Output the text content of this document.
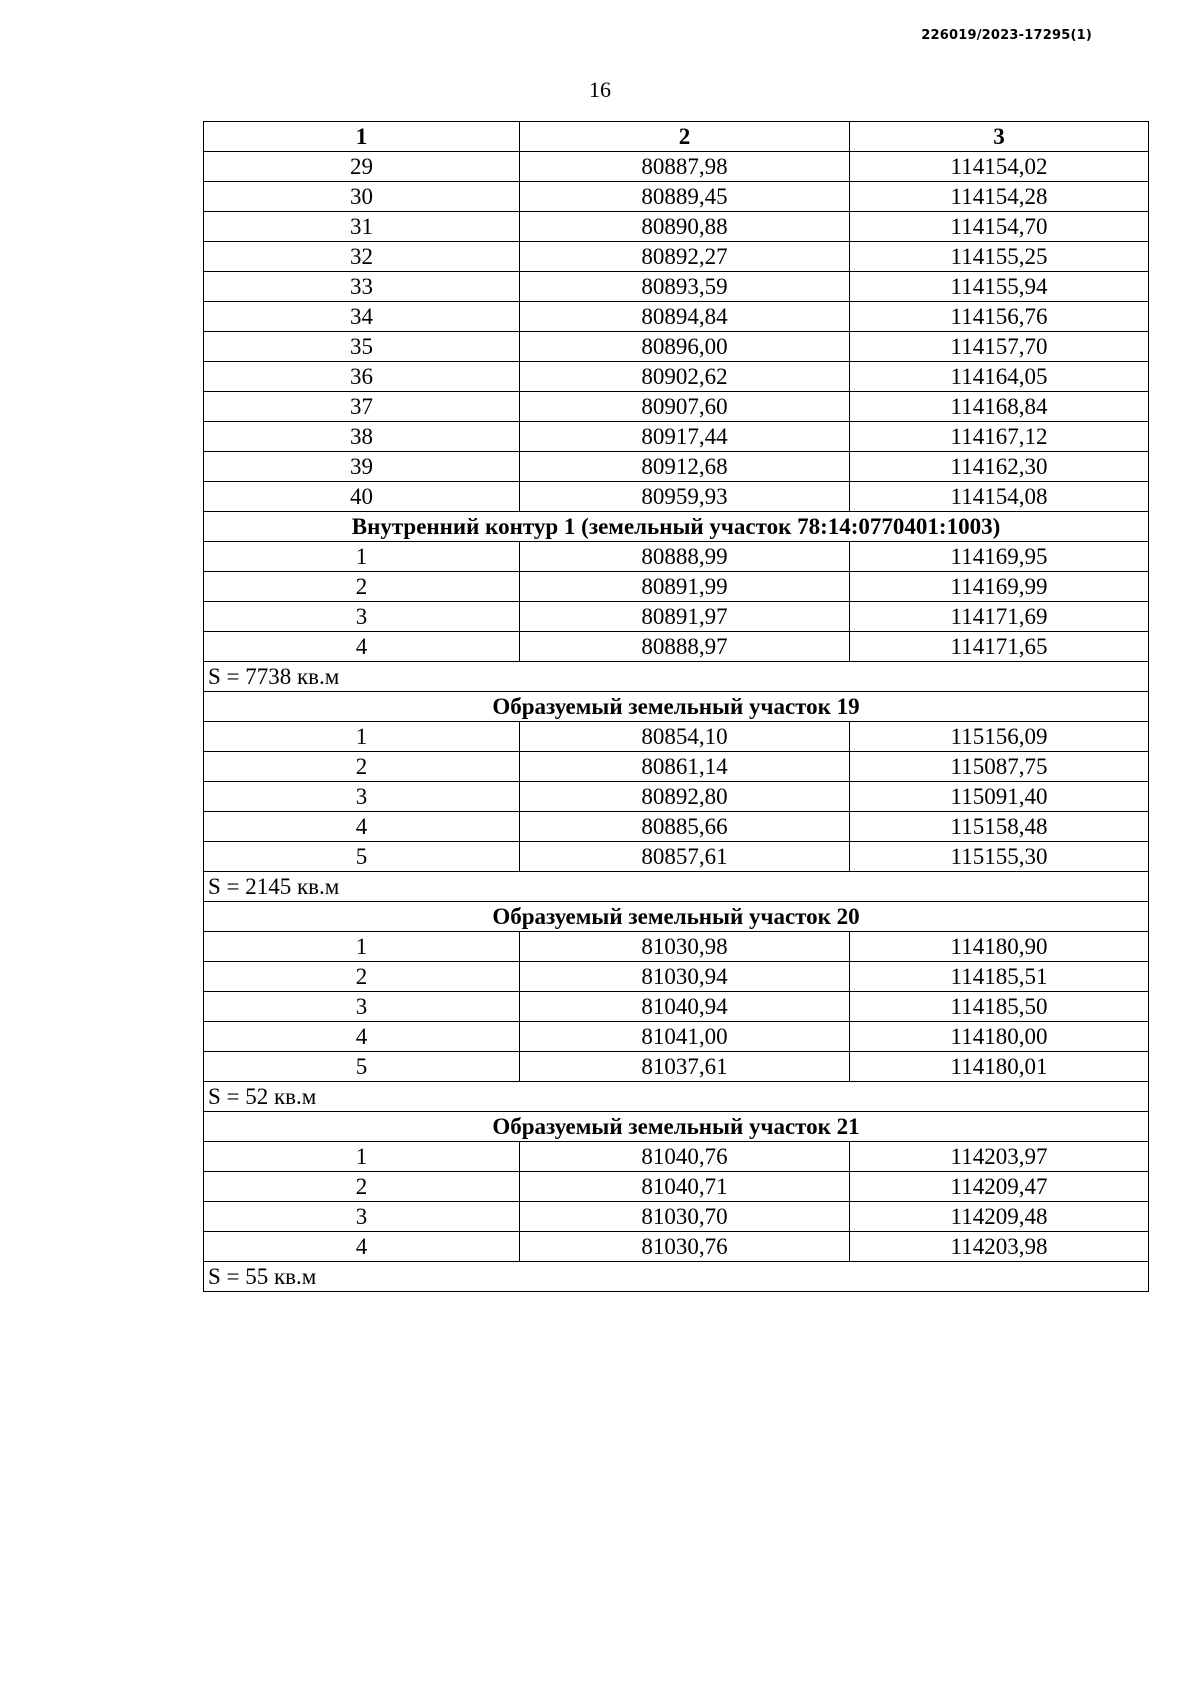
226019/2023-17295(1)
16
1	2	3
29	80887,98	114154,02
30	80889,45	114154,28
31	80890,88	114154,70
32	80892,27	114155,25
33	80893,59	114155,94
34	80894,84	114156,76
35	80896,00	114157,70
36	80902,62	114164,05
37	80907,60	114168,84
38	80917,44	114167,12
39	80912,68	114162,30
40	80959,93	114154,08
Внутренний контур 1 (земельный участок 78:14:0770401:1003)		
1	80888,99	114169,95
2	80891,99	114169,99
3	80891,97	114171,69
4	80888,97	114171,65
S = 7738 кв.м		
Образуемый земельный участок 19		
1	80854,10	115156,09
2	80861,14	115087,75
3	80892,80	115091,40
4	80885,66	115158,48
5	80857,61	115155,30
S = 2145 кв.м		
Образуемый земельный участок 20		
1	81030,98	114180,90
2	81030,94	114185,51
3	81040,94	114185,50
4	81041,00	114180,00
5	81037,61	114180,01
S = 52 кв.м		
Образуемый земельный участок 21		
1	81040,76	114203,97
2	81040,71	114209,47
3	81030,70	114209,48
4	81030,76	114203,98
S = 55 кв.м		
